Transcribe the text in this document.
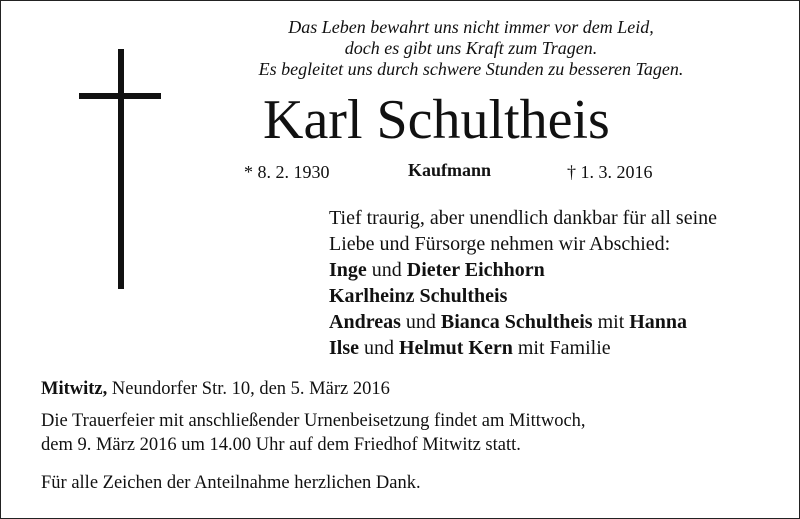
Das Leben bewahrt uns nicht immer vor dem Leid,
doch es gibt uns Kraft zum Tragen.
Es begleitet uns durch schwere Stunden zu besseren Tagen.
Karl Schultheis
* 8. 2. 1930	Kaufmann	† 1. 3. 2016
Tief traurig, aber unendlich dankbar für all seine
Liebe und Fürsorge nehmen wir Abschied:
Inge und Dieter Eichhorn
Karlheinz Schultheis
Andreas und Bianca Schultheis mit Hanna
Ilse und Helmut Kern mit Familie

Mitwitz, Neundorfer Str. 10, den 5. März 2016

Die Trauerfeier mit anschließender Urnenbeisetzung findet am Mittwoch,

dem 9. März 2016 um 14.00 Uhr auf dem Friedhof Mitwitz statt.

Für alle Zeichen der Anteilnahme herzlichen Dank.
